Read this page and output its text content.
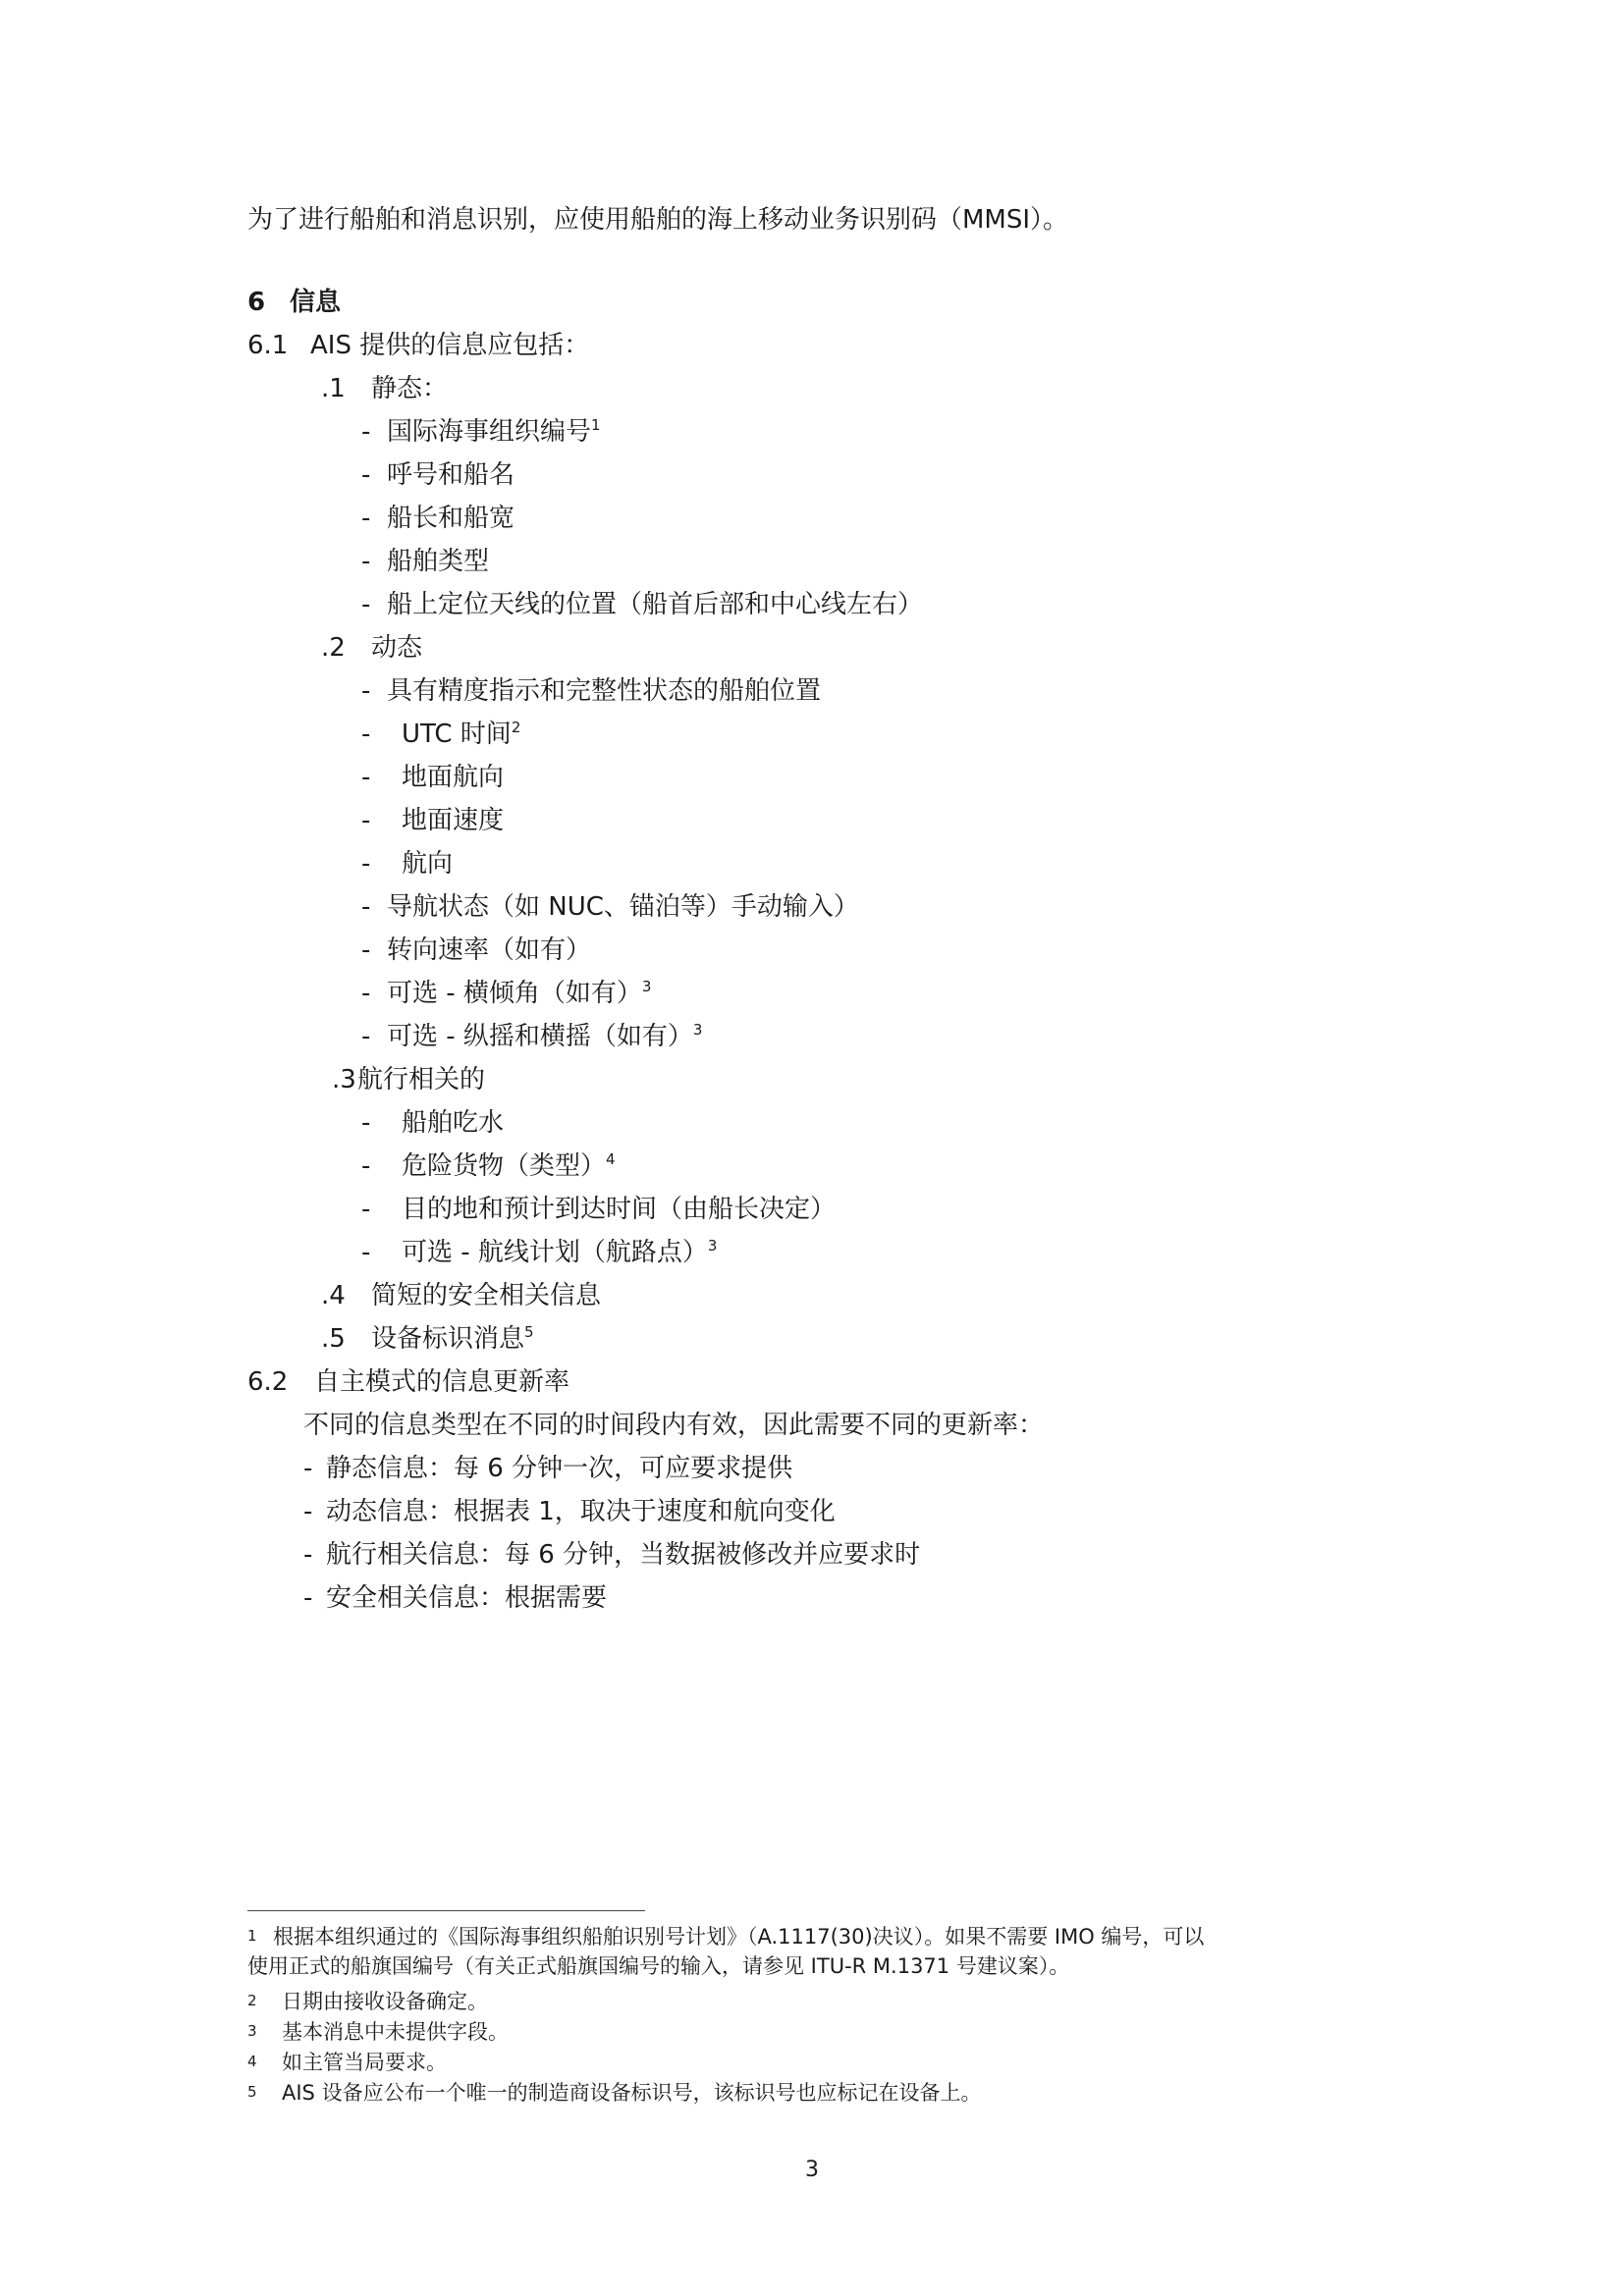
为了进行船舶和消息识别，应使用船舶的海上移动业务识别码（MMSI）。
6 信息
6.1 AIS 提供的信息应包括：
.1 静态：
- 国际海事组织编号$^1$
- 呼号和船名
- 船长和船宽
- 船舶类型
- 船上定位天线的位置（船首后部和中心线左右）
.2 动态
- 具有精度指示和完整性状态的船舶位置
- UTC 时间$^2$
- 地面航向
- 地面速度
- 航向
- 导航状态（如 NUC、锚泊等）手动输入）
- 转向速率（如有）
- 可选 - 横倾角（如有）$^3$
- 可选 - 纵摇和横摇（如有）$^3$
.3航行相关的
- 船舶吃水
- 危险货物（类型）$^4$
- 目的地和预计到达时间（由船长决定）
- 可选 - 航线计划（航路点）$^3$
.4 简短的安全相关信息
.5 设备标识消息$^5$
6.2 自主模式的信息更新率
不同的信息类型在不同的时间段内有效，因此需要不同的更新率：
- 静态信息：每 6 分钟一次，可应要求提供
- 动态信息：根据表 1，取决于速度和航向变化
- 航行相关信息：每 6 分钟，当数据被修改并应要求时
- 安全相关信息：根据需要
1 根据本组织通过的《国际海事组织船舶识别号计划》（A.1117(30)决议）。如果不需要 IMO 编号，可以
使用正式的船旗国编号（有关正式船旗国编号的输入，请参见 ITU-R M.1371 号建议案）。
2 日期由接收设备确定。
3 基本消息中未提供字段。
4 如主管当局要求。
5 AIS 设备应公布一个唯一的制造商设备标识号，该标识号也应标记在设备上。
3
